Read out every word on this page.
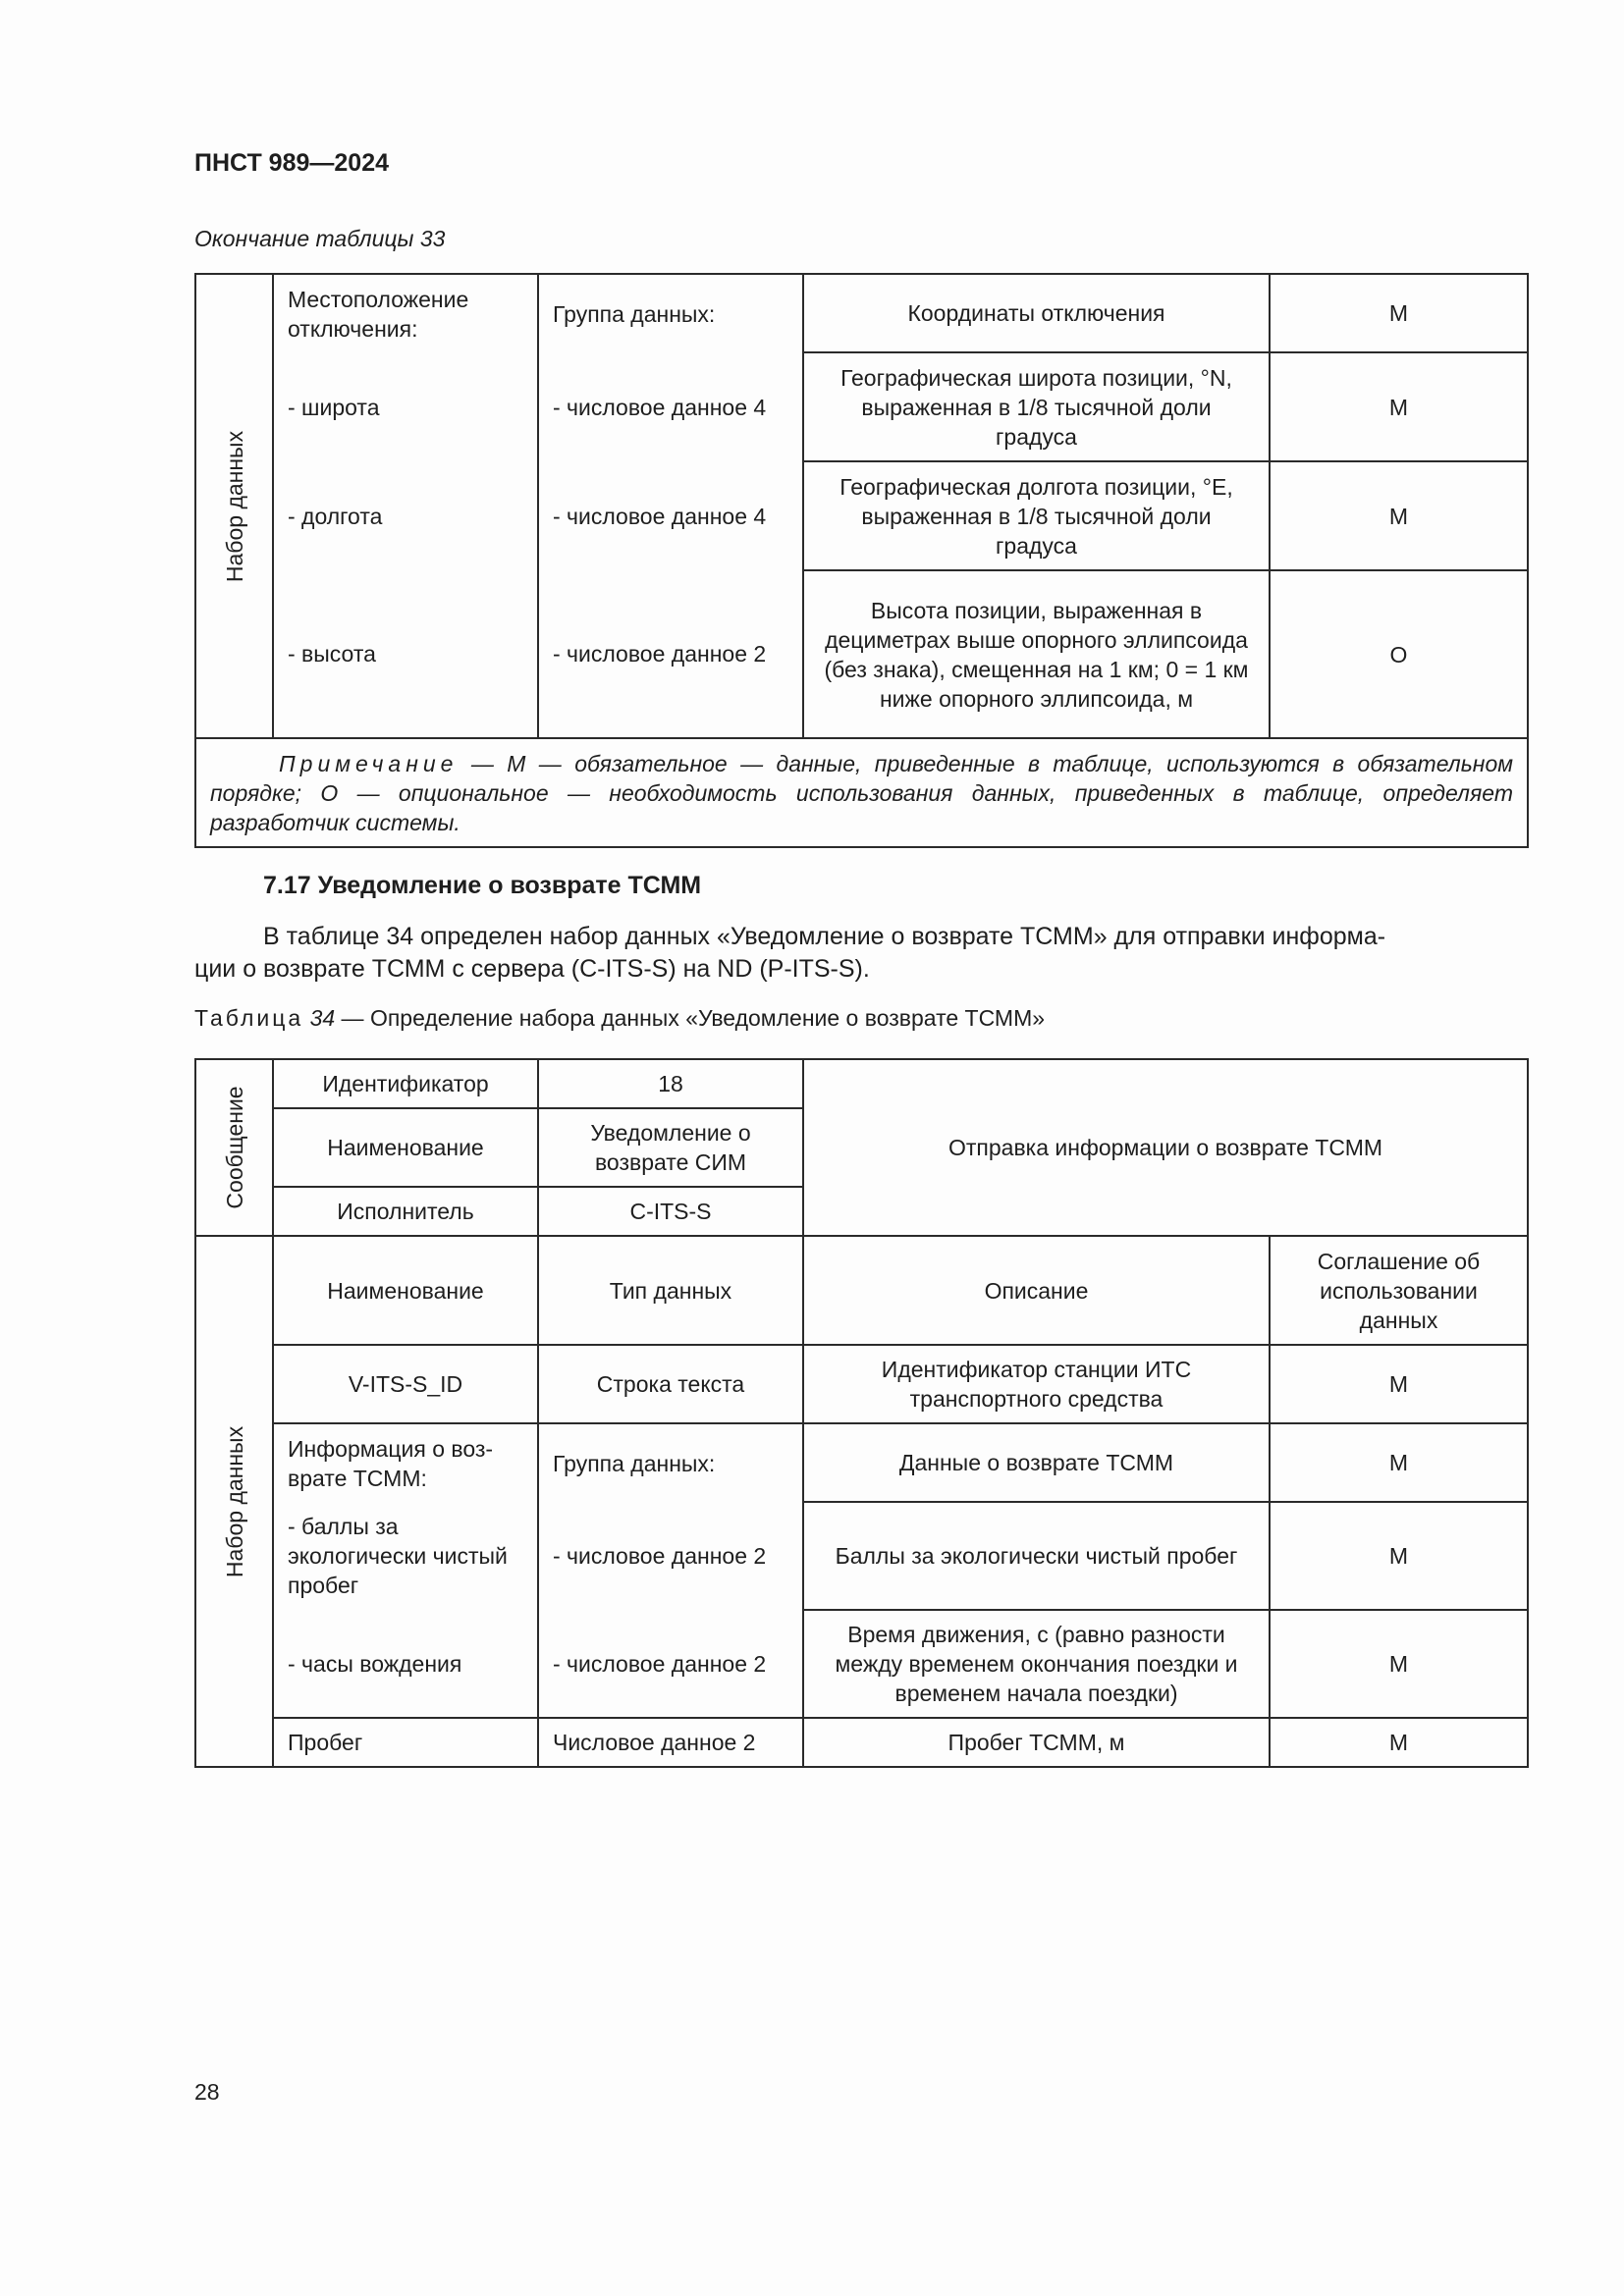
ПНСТ 989—2024
Окончание таблицы 33
Набор данных	Местоположение отключения:	Группа данных:	Координаты отключения	M
	- широта	- числовое данное 4	Географическая широта позиции, °N, выраженная в 1/8 тысячной доли градуса	M
	- долгота	- числовое данное 4	Географическая долгота позиции, °E, выраженная в 1/8 тысячной доли градуса	M
	- высота	- числовое данное 2	Высота позиции, выраженная в дециметрах выше опорного эллипсоида (без знака), смещенная на 1 км; 0 = 1 км ниже опорного эллипсоида, м	O
Примечание — M — обязательное — данные, приведенные в таблице, используются в обязательном порядке; O — опциональное — необходимость использования данных, приведенных в таблице, определяет разработчик системы.				
7.17 Уведомление о возврате ТСММ
В таблице 34 определен набор данных «Уведомление о возврате ТСММ» для отправки информа-
ции о возврате ТСММ с сервера (C-ITS-S) на ND (P-ITS-S).
Таблица 34 — Определение набора данных «Уведомление о возврате ТСММ»
Сообщение	Идентификатор	18	Отправка информации о возврате ТСММ	
	Наименование	Уведомление о возврате СИМ		
	Исполнитель	C-ITS-S		

Набор данных	Наименование	Тип данных	Описание	Соглашение об использовании данных
	V-ITS-S_ID	Строка текста	Идентификатор станции ИТС транспортного средства	M
	Информация о воз-врате ТСММ:	Группа данных:	Данные о возврате ТСММ	M
	- баллы за экологически чистый пробег	- числовое данное 2	Баллы за экологически чистый пробег	M
	- часы вождения	- числовое данное 2	Время движения, с (равно разности между временем окончания поездки и временем начала поездки)	M
	Пробег	Числовое данное 2	Пробег ТСММ, м	M
28
